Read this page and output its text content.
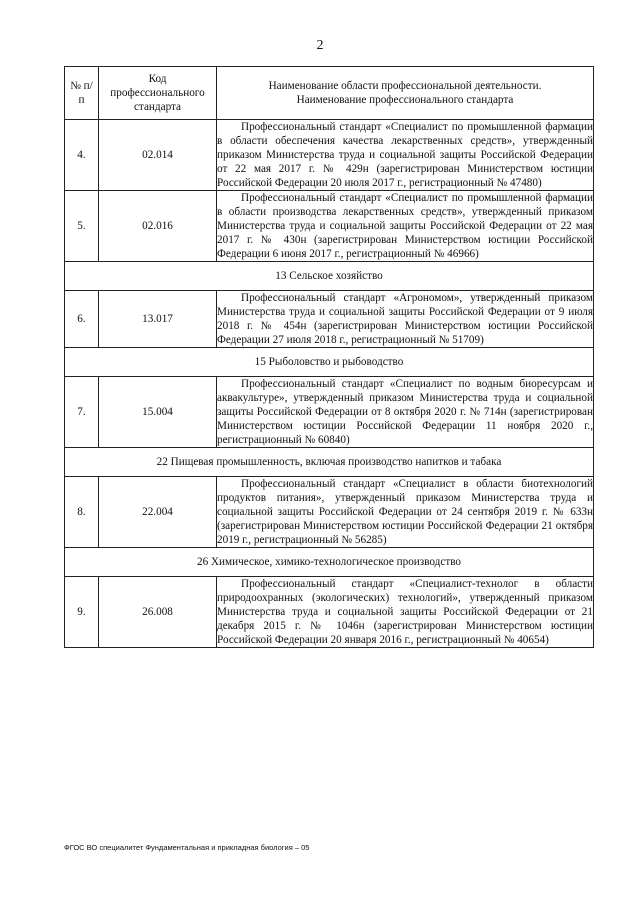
2
№ п/п	Код профессионального стандарта	Наименование области профессиональной деятельности.
Наименование профессионального стандарта

4.	02.014	Профессиональный стандарт «Специалист по промышленной фармации в области обеспечения качества лекарственных средств», утвержденный приказом Министерства труда и социальной защиты Российской Федерации от 22 мая 2017 г. № 429н (зарегистрирован Министерством юстиции Российской Федерации 20 июля 2017 г., регистрационный № 47480)

5.	02.016	Профессиональный стандарт «Специалист по промышленной фармации в области производства лекарственных средств», утвержденный приказом Министерства труда и социальной защиты Российской Федерации от 22 мая 2017 г. № 430н (зарегистрирован Министерством юстиции Российской Федерации 6 июня 2017 г., регистрационный № 46966)

13 Сельское хозяйство		
6.	13.017	Профессиональный стандарт «Агрономом», утвержденный приказом Министерства труда и социальной защиты Российской Федерации от 9 июля 2018 г. № 454н (зарегистрирован Министерством юстиции Российской Федерации 27 июля 2018 г., регистрационный № 51709)

15 Рыболовство и рыбоводство		
7.	15.004	Профессиональный стандарт «Специалист по водным биоресурсам и аквакультуре», утвержденный приказом Министерства труда и социальной защиты Российской Федерации от 8 октября 2020 г. № 714н (зарегистрирован Министерством юстиции Российской Федерации 11 ноября 2020 г., регистрационный № 60840)

22 Пищевая промышленность, включая производство напитков и табака		
8.	22.004	Профессиональный стандарт «Специалист в области биотехнологий продуктов питания», утвержденный приказом Министерства труда и социальной защиты Российской Федерации от 24 сентября 2019 г. № 633н (зарегистрирован Министерством юстиции Российской Федерации 21 октября 2019 г., регистрационный № 56285)

26 Химическое, химико-технологическое производство		
9.	26.008	Профессиональный стандарт «Специалист-технолог в области природоохранных (экологических) технологий», утвержденный приказом Министерства труда и социальной защиты Российской Федерации от 21 декабря 2015 г. № 1046н (зарегистрирован Министерством юстиции Российской Федерации 20 января 2016 г., регистрационный № 40654)

ФГОС ВО специалитет Фундаментальная и прикладная биология – 05
